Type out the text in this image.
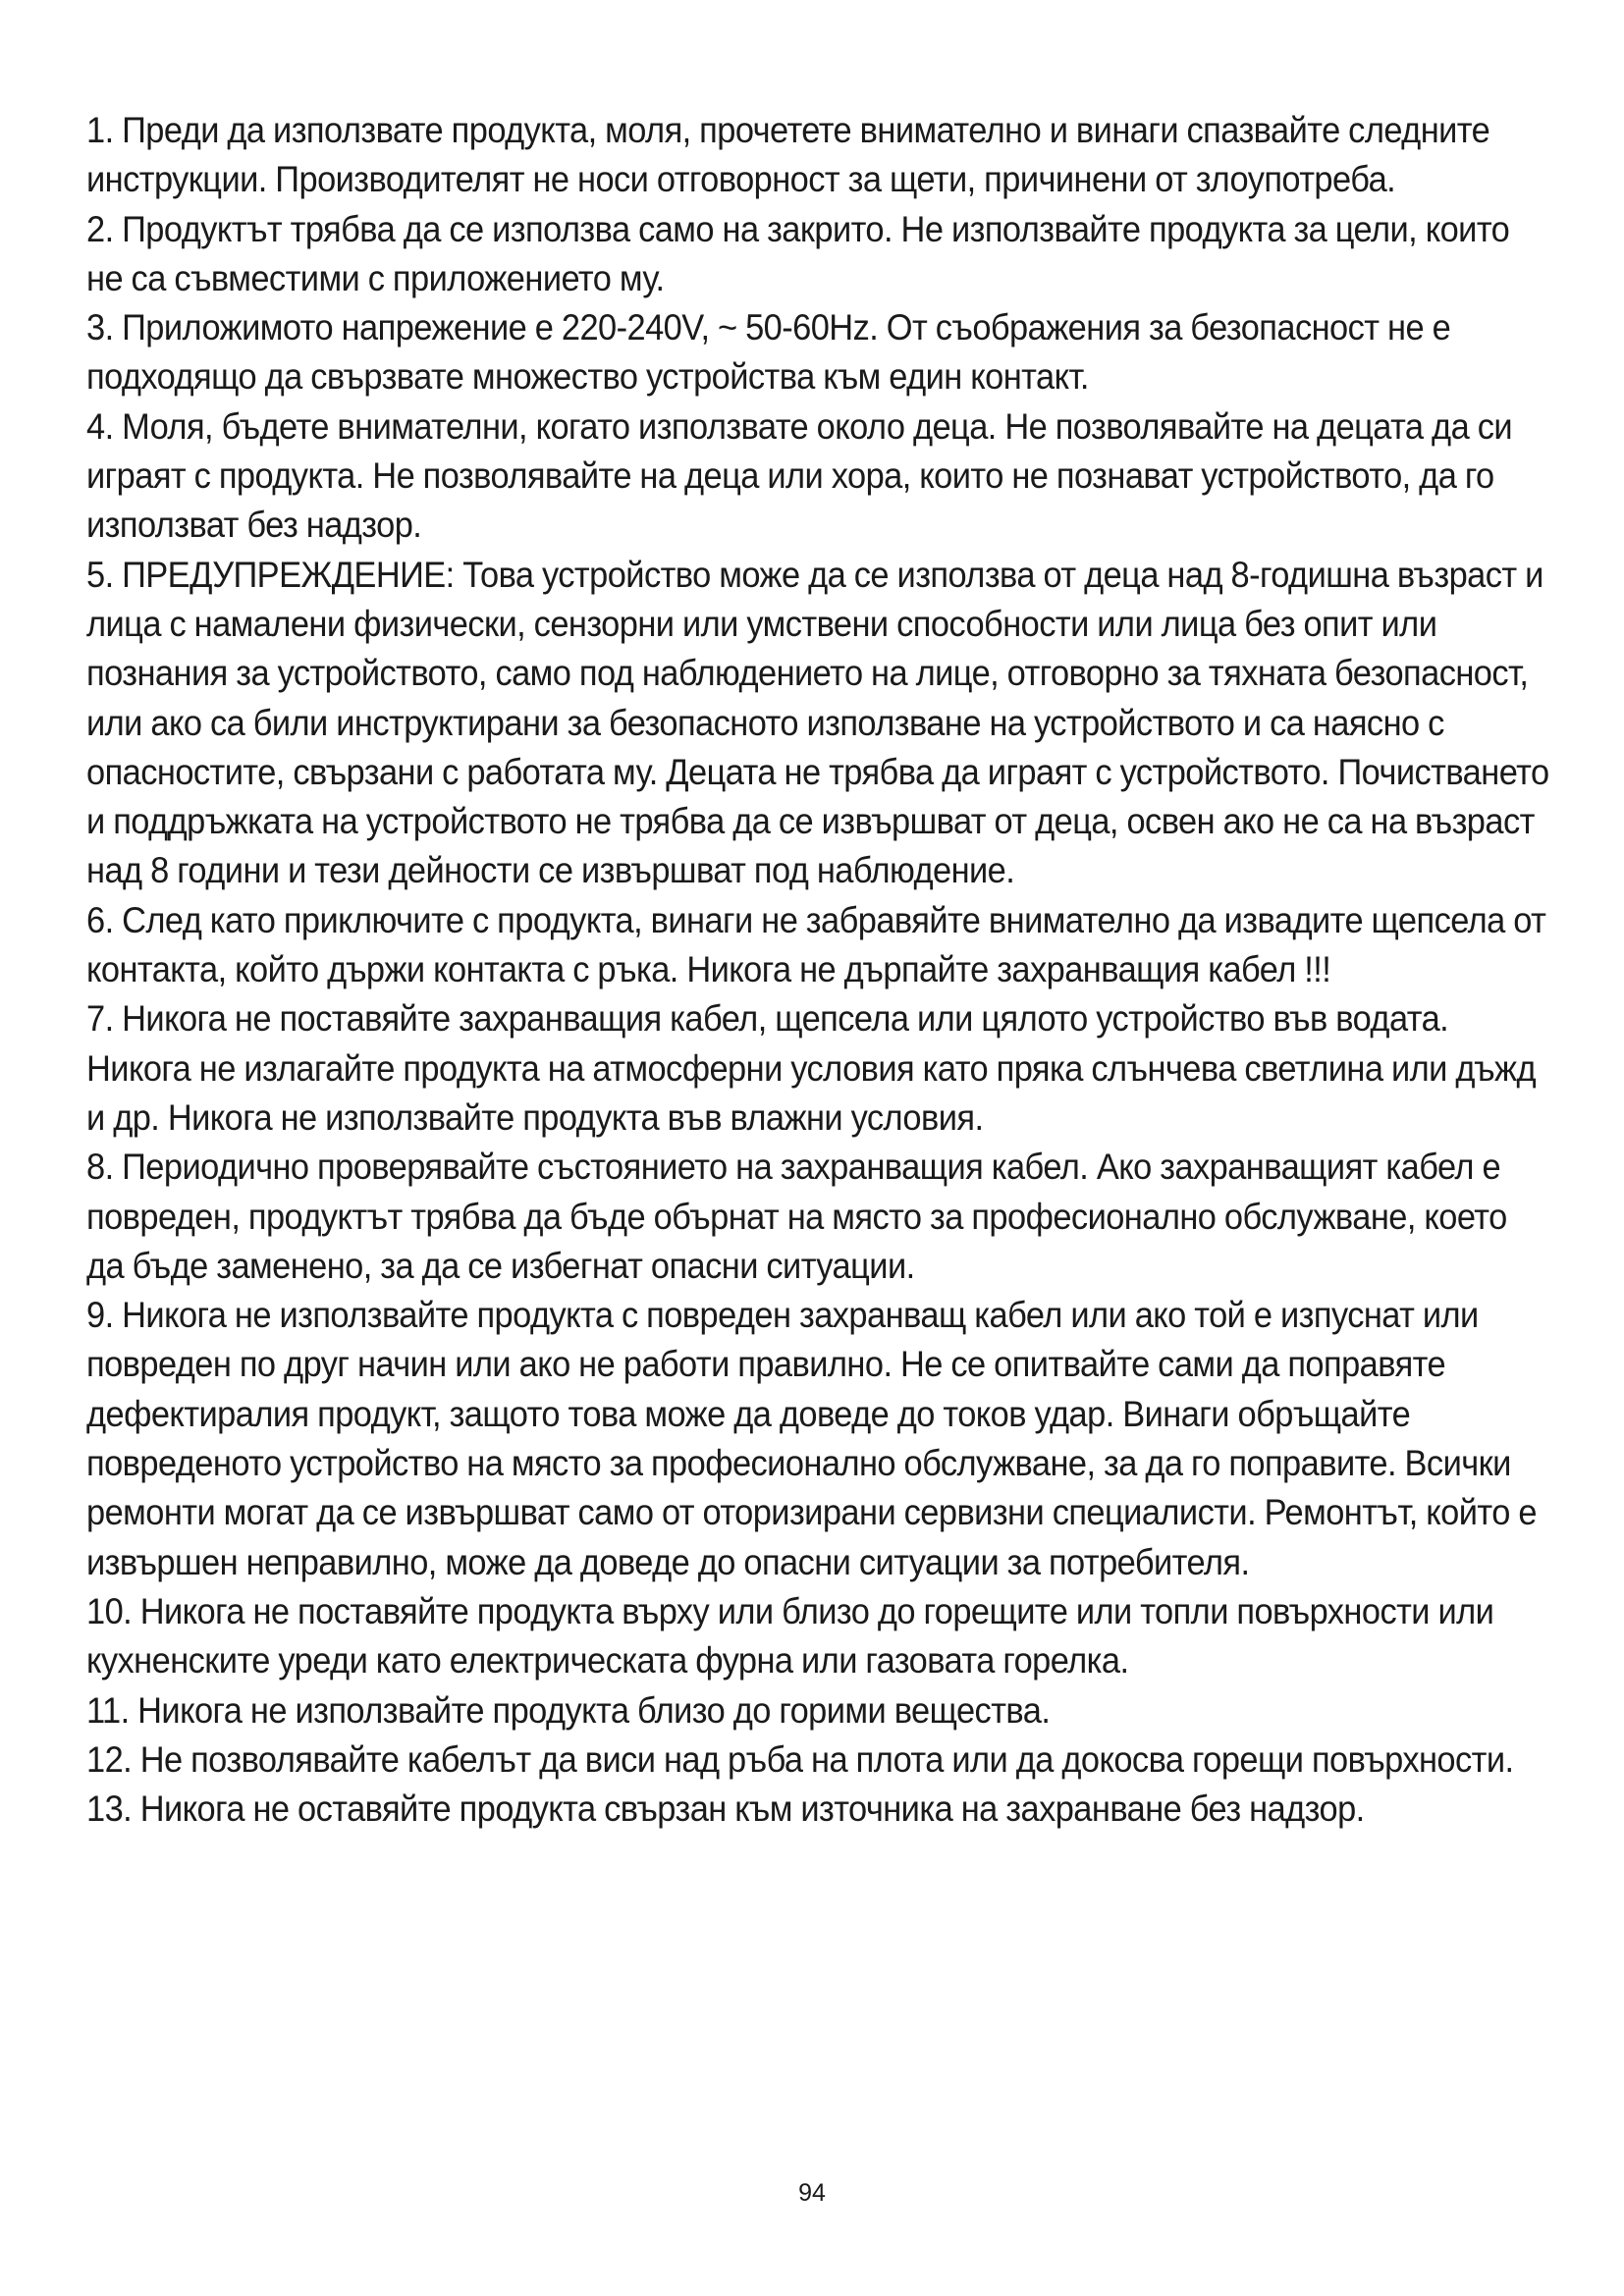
1. Преди да използвате продукта, моля, прочетете внимателно и винаги спазвайте следните инструкции. Производителят не носи отговорност за щети, причинени от злоупотреба.

2. Продуктът трябва да се използва само на закрито. Не използвайте продукта за цели, които не са съвместими с приложението му.

3. Приложимото напрежение е 220-240V, ~ 50-60Hz. От съображения за безопасност не е подходящо да свързвате множество устройства към един контакт.

4. Моля, бъдете внимателни, когато използвате около деца. Не позволявайте на децата да си играят с продукта. Не позволявайте на деца или хора, които не познават устройството, да го използват без надзор.

5. ПРЕДУПРЕЖДЕНИЕ: Това устройство може да се използва от деца над 8-годишна възраст и лица с намалени физически, сензорни или умствени способности или лица без опит или познания за устройството, само под наблюдението на лице, отговорно за тяхната безопасност, или ако са били инструктирани за безопасното използване на устройството и са наясно с опасностите, свързани с работата му. Децата не трябва да играят с устройството. Почистването и поддръжката на устройството не трябва да се извършват от деца, освен ако не са на възраст над 8 години и тези дейности се извършват под наблюдение.

6. След като приключите с продукта, винаги не забравяйте внимателно да извадите щепсела от контакта, който държи контакта с ръка. Никога не дърпайте захранващия кабел !!!

7. Никога не поставяйте захранващия кабел, щепсела или цялото устройство във водата. Никога не излагайте продукта на атмосферни условия като пряка слънчева светлина или дъжд и др. Никога не използвайте продукта във влажни условия.

8. Периодично проверявайте състоянието на захранващия кабел. Ако захранващият кабел е повреден, продуктът трябва да бъде обърнат на място за професионално обслужване, което да бъде заменено, за да се избегнат опасни ситуации.

9. Никога не използвайте продукта с повреден захранващ кабел или ако той е изпуснат или повреден по друг начин или ако не работи правилно. Не се опитвайте сами да поправяте дефектиралия продукт, защото това може да доведе до токов удар. Винаги обръщайте повреденото устройство на място за професионално обслужване, за да го поправите. Всички ремонти могат да се извършват само от оторизирани сервизни специалисти. Ремонтът, който е извършен неправилно, може да доведе до опасни ситуации за потребителя.

10. Никога не поставяйте продукта върху или близо до горещите или топли повърхности или кухненските уреди като електрическата фурна или газовата горелка.

11. Никога не използвайте продукта близо до горими вещества.

12. Не позволявайте кабелът да виси над ръба на плота или да докосва горещи повърхности.

13. Никога не оставяйте продукта свързан към източника на захранване без надзор.

94
